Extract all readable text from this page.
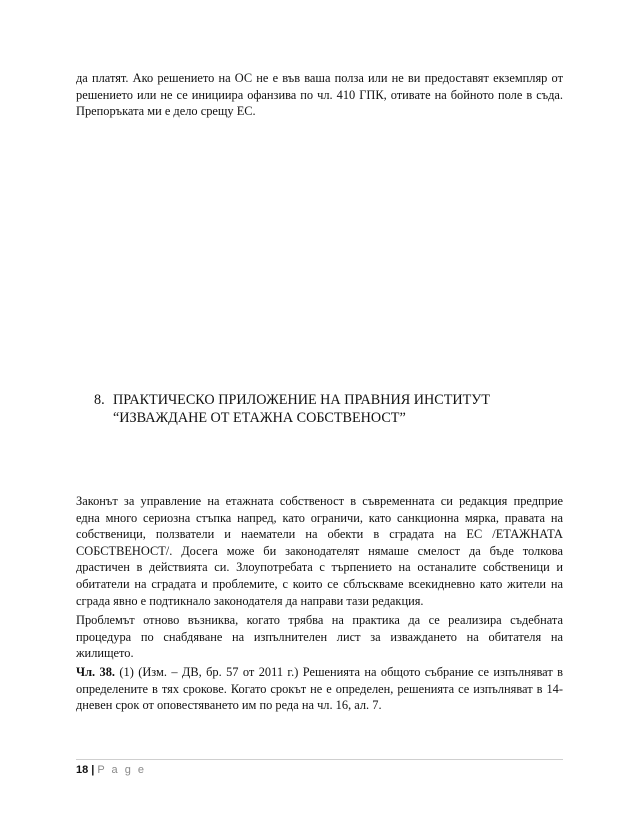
да платят. Ако решението на ОС не е във ваша полза или не ви предоставят екземпляр от
решението или не се инициира офанзива по чл. 410 ГПК, отивате на бойното поле в съда.
Препоръката ми е дело срещу ЕС.
8. ПРАКТИЧЕСКО ПРИЛОЖЕНИЕ НА ПРАВНИЯ ИНСТИТУТ
“ИЗВАЖДАНЕ ОТ ЕТАЖНА СОБСТВЕНОСТ”
Законът за управление на етажната собственост в съвременната си редакция предприе
една много сериозна стъпка напред, като ограничи, като санкционна мярка, правата на
собственици, ползватели и наематели на обекти в сградата на ЕС /ЕТАЖНАТА
СОБСТВЕНОСТ/. Досега може би законодателят нямаше смелост да бъде толкова
драстичен в действията си. Злоупотребата с търпението на останалите собственици и
обитатели на сградата и проблемите, с които се сблъскваме всекидневно като жители на
сграда явно е подтикнало законодателя да направи тази редакция.
Проблемът отново възниква, когато трябва на практика да се реализира съдебната
процедура по снабдяване на изпълнителен лист за изваждането на обитателя на
жилището.
Чл. 38. (1) (Изм. – ДВ, бр. 57 от 2011 г.) Решенията на общото събрание се изпълняват в
определените в тях срокове. Когато срокът не е определен, решенията се изпълняват в 14-
дневен срок от оповестяването им по реда на чл. 16, ал. 7.
18 | P a g e
